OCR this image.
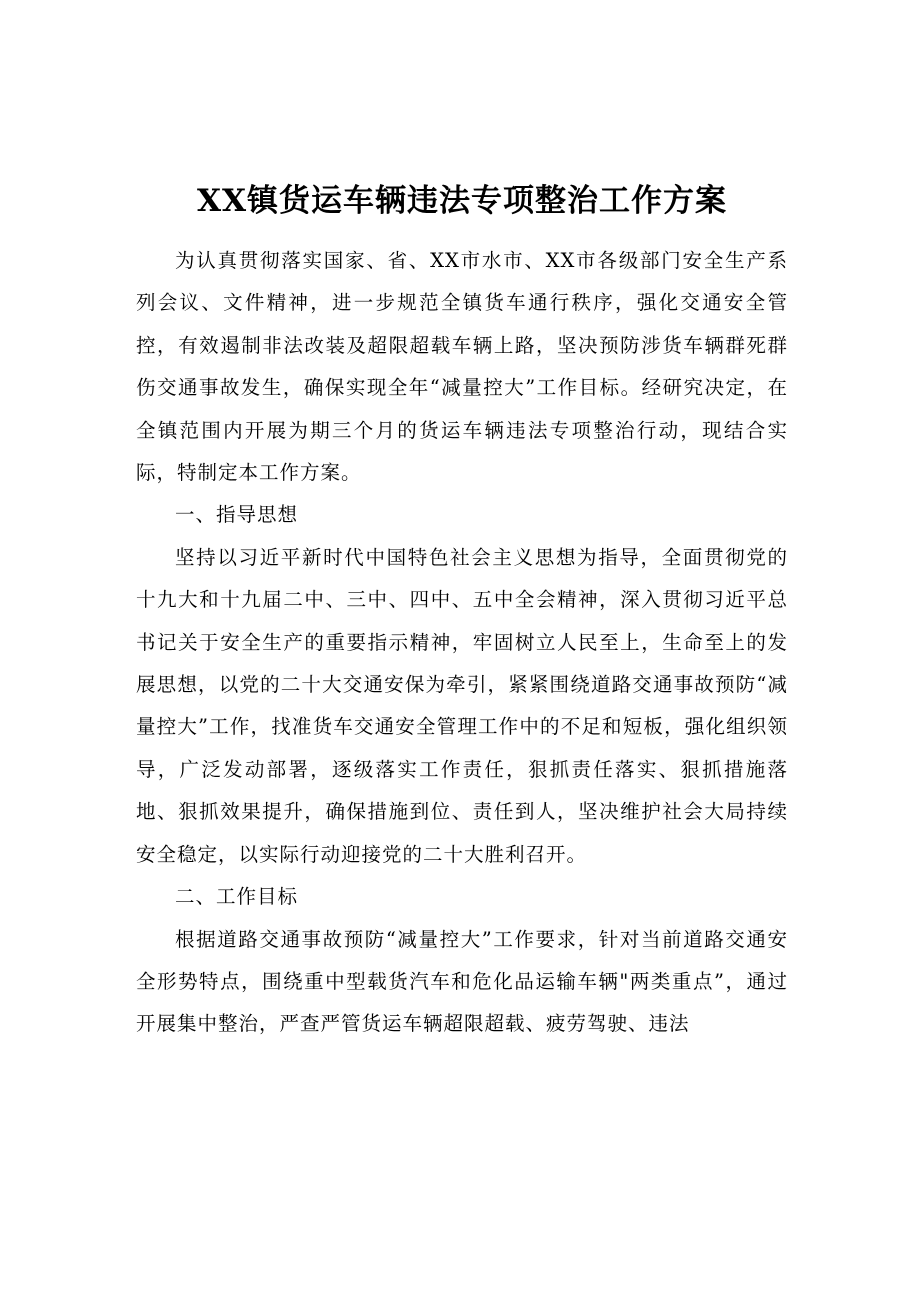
XX镇货运车辆违法专项整治工作方案

为认真贯彻落实国家、省、XX市水市、XX市各级部门安全生产系列会议、文件精神，进一步规范全镇货车通行秩序，强化交通安全管控，有效遏制非法改装及超限超载车辆上路，坚决预防涉货车辆群死群伤交通事故发生，确保实现全年“减量控大”工作目标。经研究决定，在全镇范围内开展为期三个月的货运车辆违法专项整治行动，现结合实际，特制定本工作方案。

一、指导思想

坚持以习近平新时代中国特色社会主义思想为指导，全面贯彻党的十九大和十九届二中、三中、四中、五中全会精神，深入贯彻习近平总书记关于安全生产的重要指示精神，牢固树立人民至上，生命至上的发展思想，以党的二十大交通安保为牵引，紧紧围绕道路交通事故预防“减量控大”工作，找准货车交通安全管理工作中的不足和短板，强化组织领导，广泛发动部署，逐级落实工作责任，狠抓责任落实、狠抓措施落地、狠抓效果提升，确保措施到位、责任到人，坚决维护社会大局持续安全稳定，以实际行动迎接党的二十大胜利召开。

二、工作目标

根据道路交通事故预防“减量控大”工作要求，针对当前道路交通安全形势特点，围绕重中型载货汽车和危化品运输车辆"两类重点”，通过开展集中整治，严查严管货运车辆超限超载、疲劳驾驶、违法
